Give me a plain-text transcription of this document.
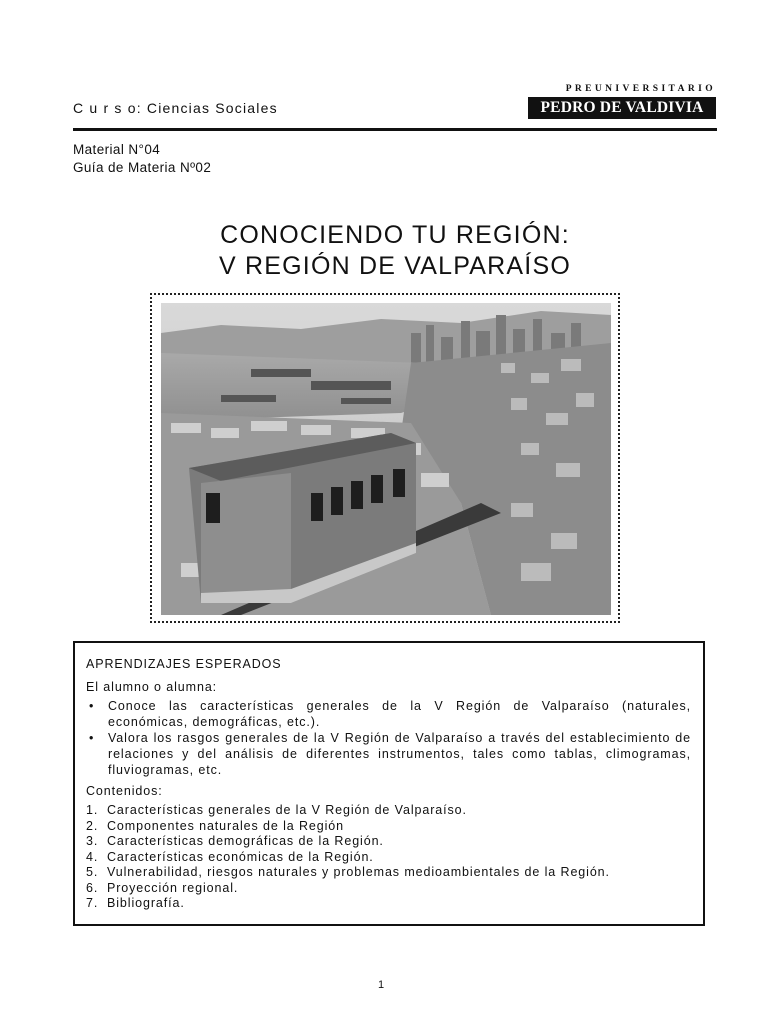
C u r s o: Ciencias Sociales
PREUNIVERSITARIO
PEDRO DE VALDIVIA
Material N°04
Guía de Materia Nº02
CONOCIENDO TU REGIÓN:
V REGIÓN DE VALPARAÍSO

APRENDIZAJES ESPERADOS

El alumno o alumna:

• Conoce las características generales de la V Región de Valparaíso (naturales, económicas, demográficas, etc.).
• Valora los rasgos generales de la V Región de Valparaíso a través del establecimiento de relaciones y del análisis de diferentes instrumentos, tales como tablas, climogramas, fluviogramas, etc.

Contenidos:

1. Características generales de la V Región de Valparaíso.
2. Componentes naturales de la Región
3. Características demográficas de la Región.
4. Características económicas de la Región.
5. Vulnerabilidad, riesgos naturales y problemas medioambientales de la Región.
6. Proyección regional.
7. Bibliografía.
1
